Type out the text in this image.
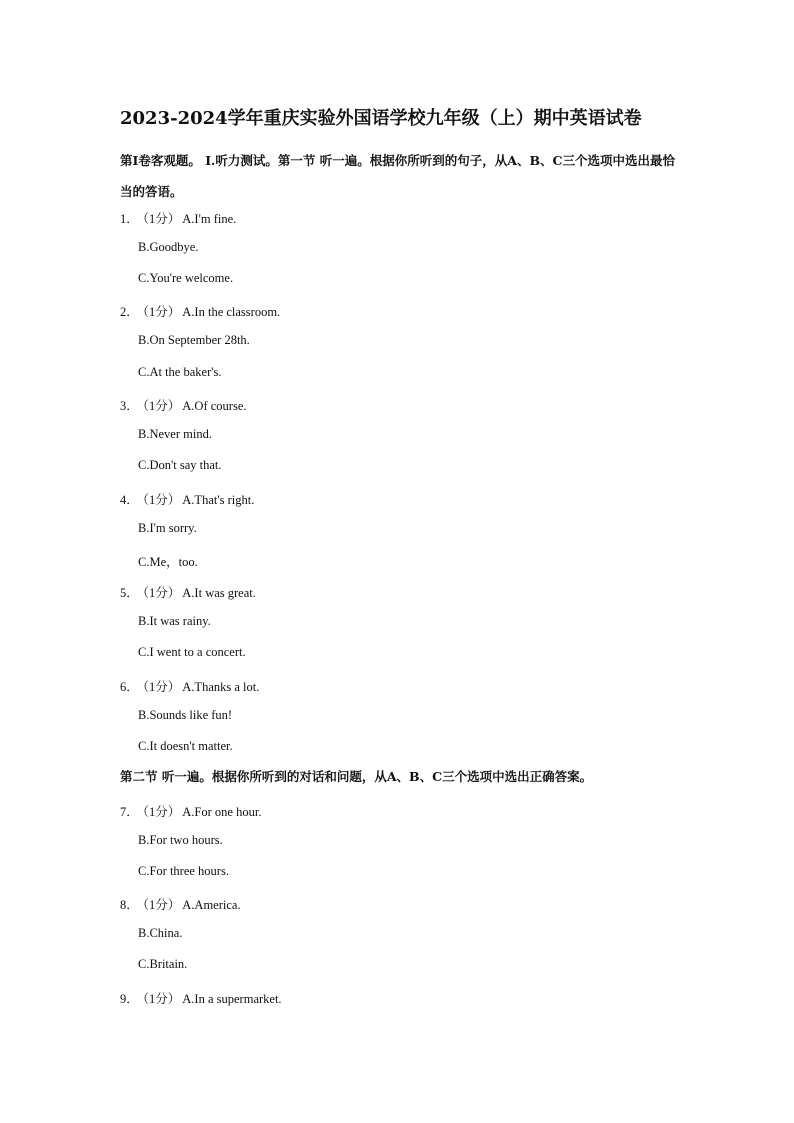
2023-2024学年重庆实验外国语学校九年级（上）期中英语试卷
第Ⅰ卷客观题。 I.听力测试。第一节 听一遍。根据你所听到的句子，从A、B、C三个选项中选出最恰当的答语。
1． （1分） A.I'm fine.
B.Goodbye.
C.You're welcome.
2． （1分） A.In the classroom.
B.On September 28th.
C.At the baker's.
3． （1分） A.Of course.
B.Never mind.
C.Don't say that.
4． （1分） A.That's right.
B.I'm sorry.
C.Me，too.
5． （1分） A.It was great.
B.It was rainy.
C.I went to a concert.
6． （1分） A.Thanks a lot.
B.Sounds like fun!
C.It doesn't matter.
第二节 听一遍。根据你所听到的对话和问题，从A、B、C三个选项中选出正确答案。
7． （1分） A.For one hour.
B.For two hours.
C.For three hours.
8． （1分） A.America.
B.China.
C.Britain.
9． （1分） A.In a supermarket.
